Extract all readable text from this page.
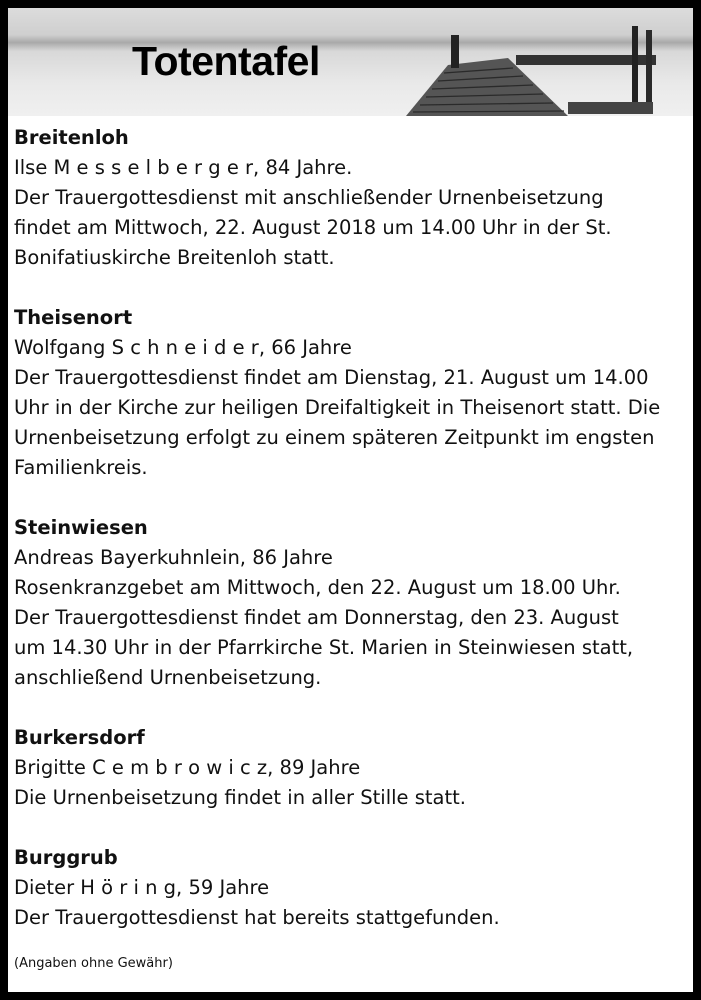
Totentafel
Breitenloh
Ilse M e s s e l b e r g e r, 84 Jahre.
Der Trauergottesdienst mit anschließender Urnenbeisetzung
findet am Mittwoch, 22. August 2018 um 14.00 Uhr in der St.
Bonifatiuskirche Breitenloh statt.
Theisenort
Wolfgang S c h n e i d e r, 66 Jahre
Der Trauergottesdienst findet am Dienstag, 21. August um 14.00
Uhr in der Kirche zur heiligen Dreifaltigkeit in Theisenort statt. Die
Urnenbeisetzung erfolgt zu einem späteren Zeitpunkt im engsten
Familienkreis.
Steinwiesen
Andreas Bayerkuhnlein, 86 Jahre
Rosenkranzgebet am Mittwoch, den 22. August um 18.00 Uhr.
Der Trauergottesdienst findet am Donnerstag, den 23. August
um 14.30 Uhr in der Pfarrkirche St. Marien in Steinwiesen statt,
anschließend Urnenbeisetzung.
Burkersdorf
Brigitte C e m b r o w i c z, 89 Jahre
Die Urnenbeisetzung findet in aller Stille statt.
Burggrub
Dieter H ö r i n g, 59 Jahre
Der Trauergottesdienst hat bereits stattgefunden.
(Angaben ohne Gewähr)
